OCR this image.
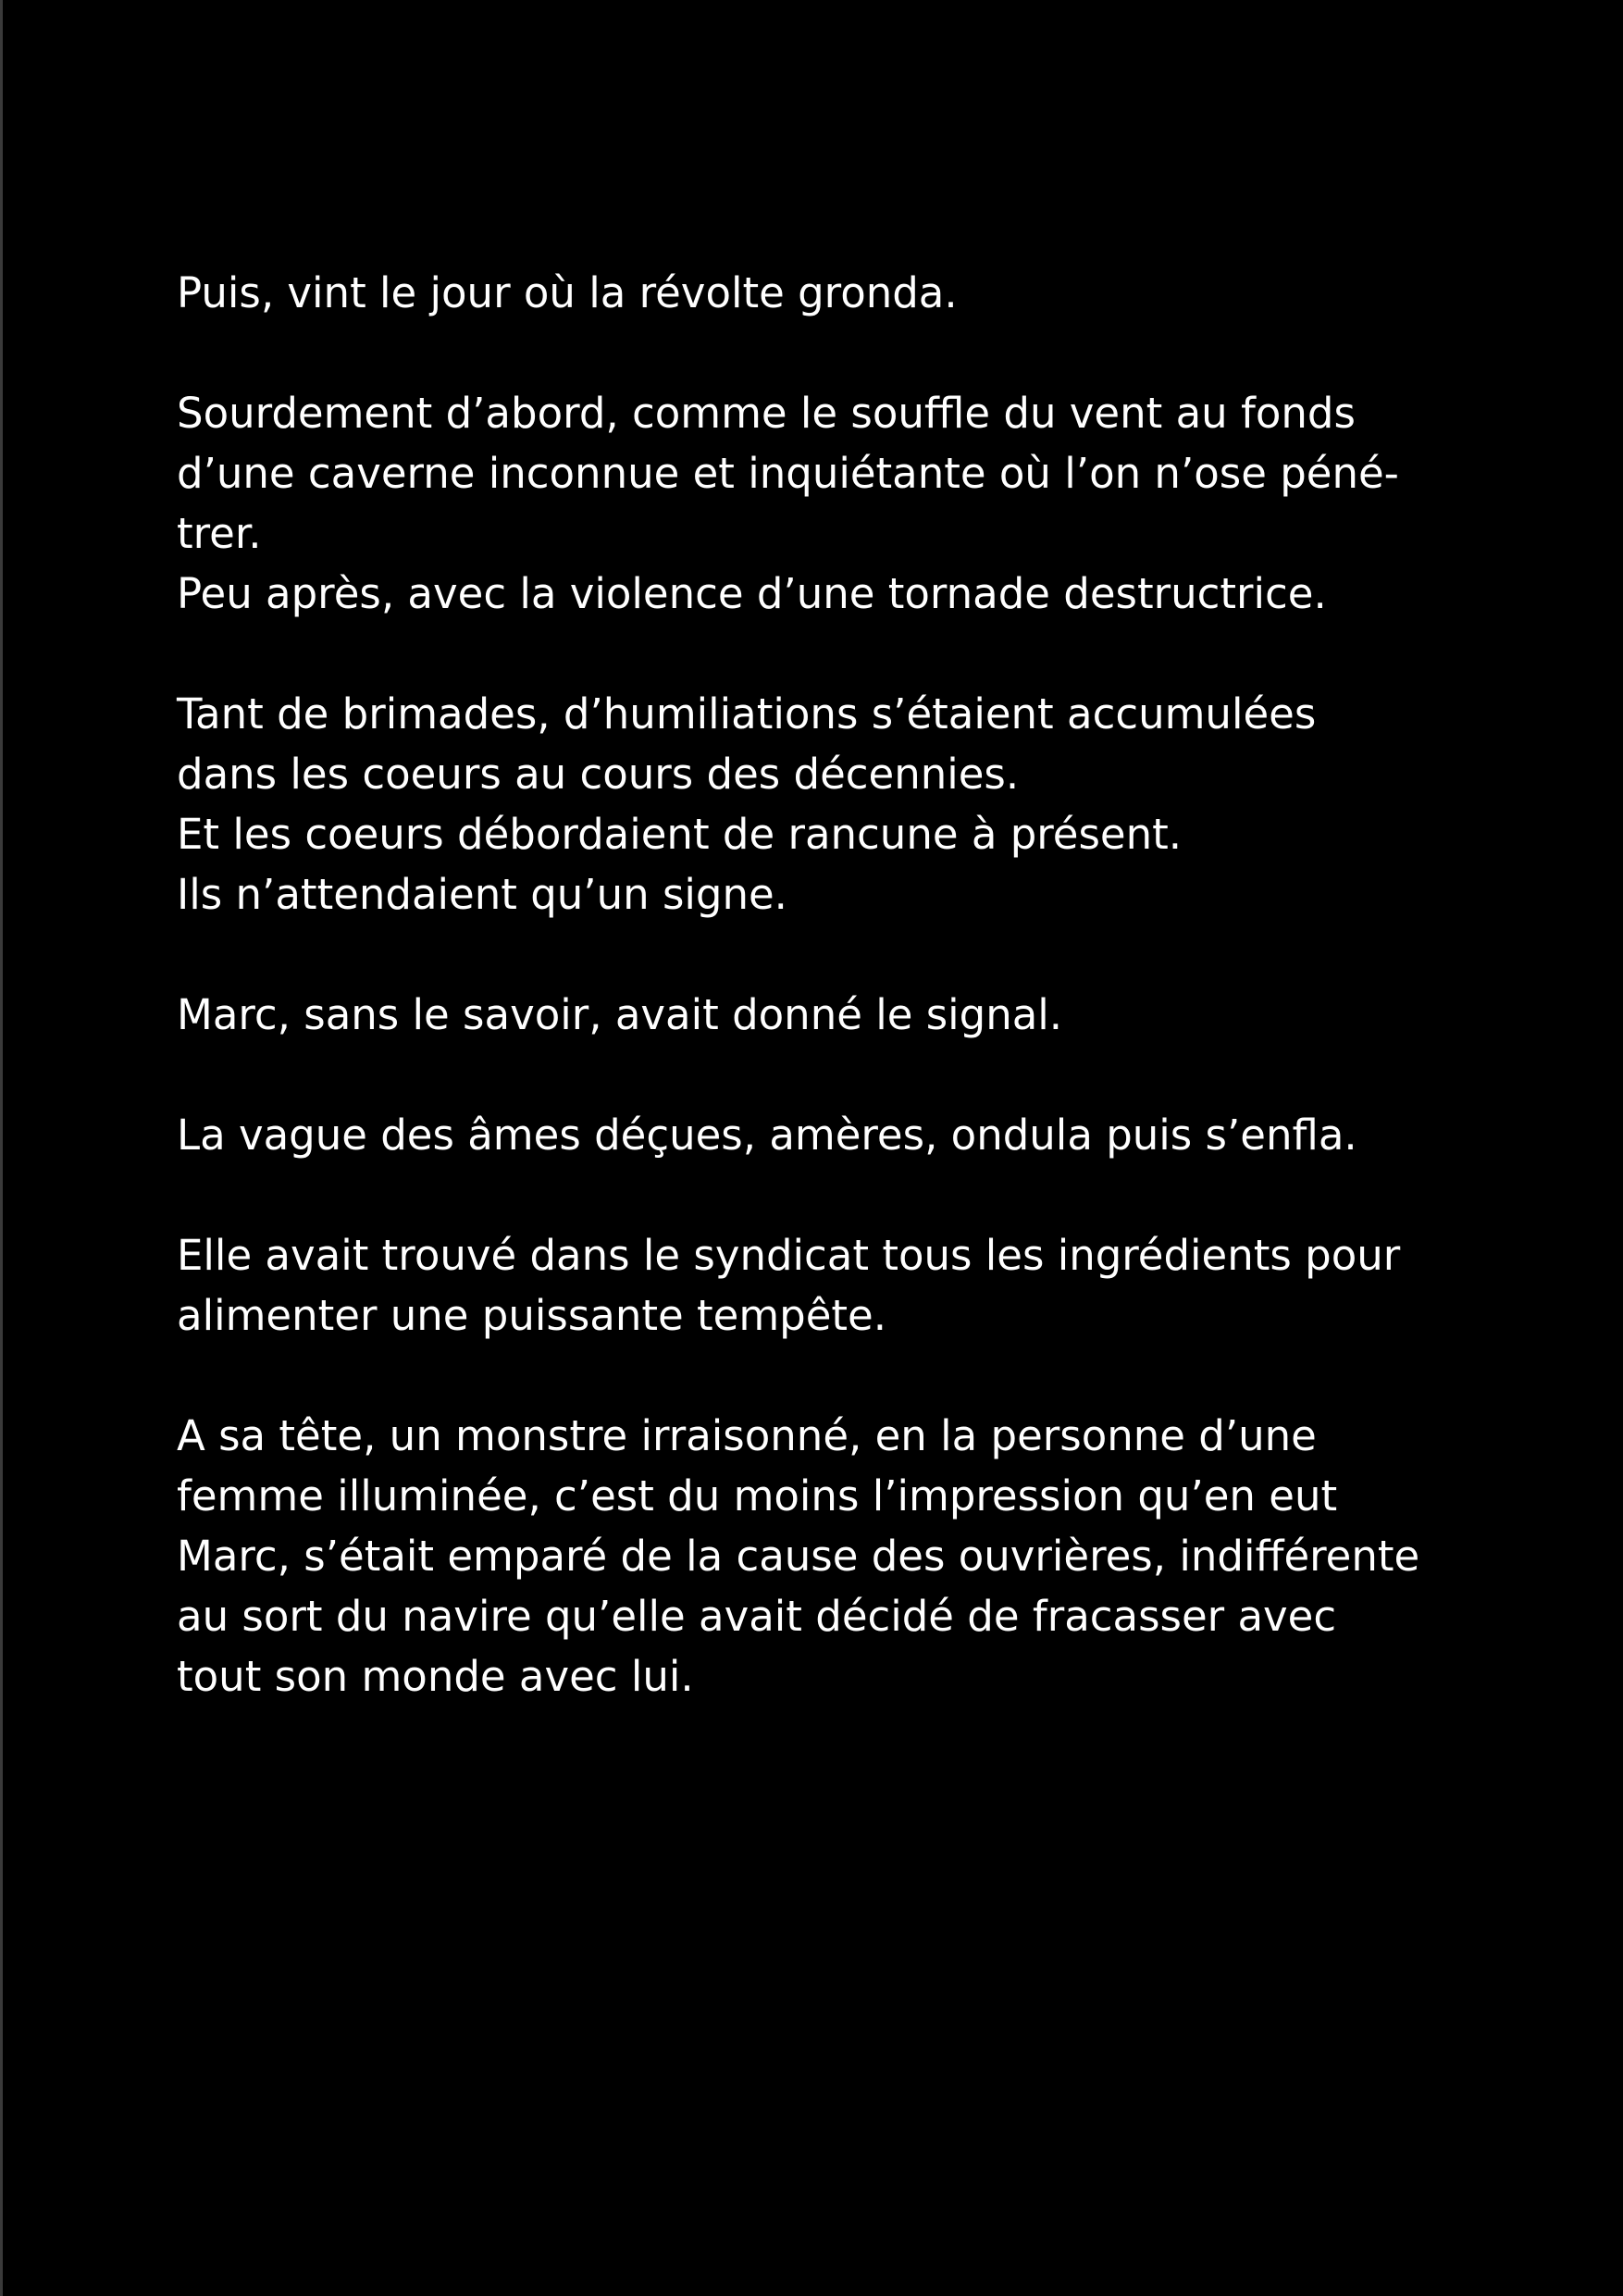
Puis, vint le jour où la révolte gronda.
Sourdement d’abord, comme le souffle du vent au fonds
d’une caverne inconnue et inquiétante où l’on n’ose péné-
trer.
Peu après, avec la violence d’une tornade destructrice.
Tant de brimades, d’humiliations s’étaient accumulées
dans les coeurs au cours des décennies.
Et les coeurs débordaient de rancune à présent.
Ils n’attendaient qu’un signe.
Marc, sans le savoir, avait donné le signal.
La vague des âmes déçues, amères, ondula puis s’enfla.
Elle avait trouvé dans le syndicat tous les ingrédients pour
alimenter une puissante tempête.
A sa tête, un monstre irraisonné, en la personne d’une
femme illuminée, c’est du moins l’impression qu’en eut
Marc, s’était emparé de la cause des ouvrières, indifférente
au sort du navire qu’elle avait décidé de fracasser avec
tout son monde avec lui.
